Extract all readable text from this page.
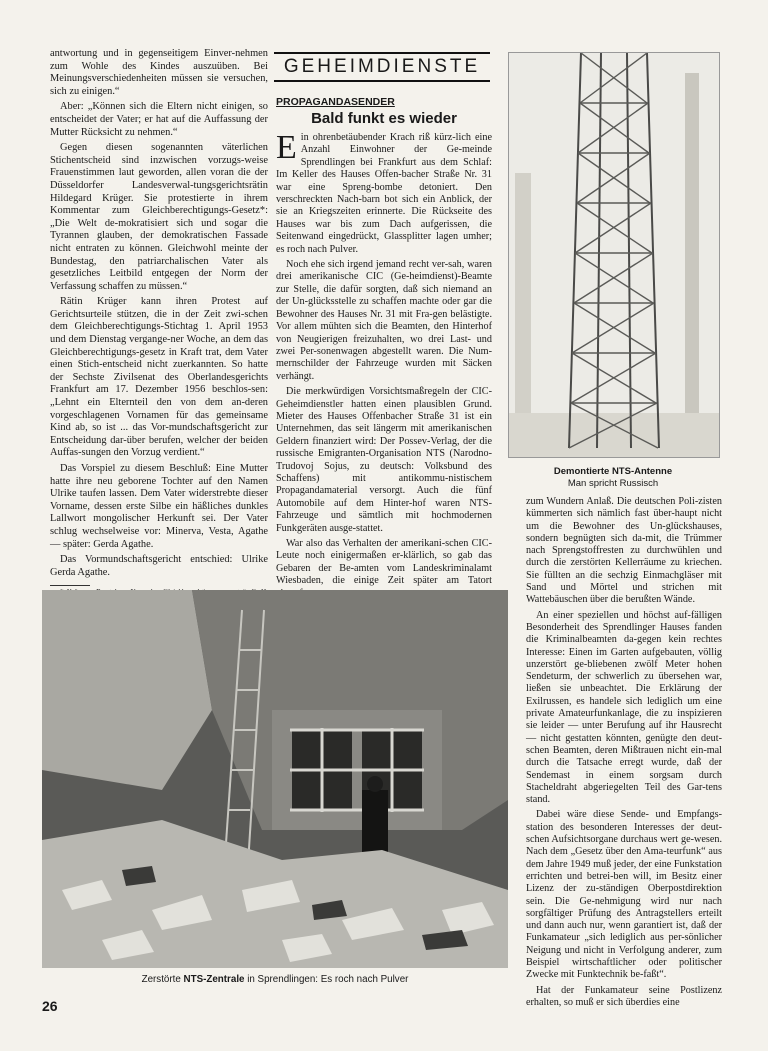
antwortung und in gegenseitigem Einver-nehmen zum Wohle des Kindes auszuüben. Bei Meinungsverschiedenheiten müssen sie versuchen, sich zu einigen.“

Aber: „Können sich die Eltern nicht einigen, so entscheidet der Vater; er hat auf die Auffassung der Mutter Rücksicht zu nehmen.“

Gegen diesen sogenannten väterlichen Stichentscheid sind inzwischen vorzugs-weise Frauenstimmen laut geworden, allen voran die der Düsseldorfer Landesverwal-tungsgerichtsrätin Hildegard Krüger. Sie protestierte in ihrem Kommentar zum Gleichberechtigungs-Gesetz*: „Die Welt de-mokratisiert sich und sogar die Tyrannen glauben, der demokratischen Fassade nicht entraten zu können. Gleichwohl meinte der Bundestag, den patriarchalischen Vater als gesetzliches Leitbild entgegen der Norm der Verfassung schaffen zu müssen.“

Rätin Krüger kann ihren Protest auf Gerichtsurteile stützen, die in der Zeit zwi-schen dem Gleichberechtigungs-Stichtag 1. April 1953 und dem Dienstag vergange-ner Woche, an dem das Gleichberechtigungs-gesetz in Kraft trat, dem Vater einen Stich-entscheid nicht zuerkannten. So hatte der Sechste Zivilsenat des Oberlandesgerichts Frankfurt am 17. Dezember 1956 beschlos-sen: „Lehnt ein Elternteil den von dem an-deren vorgeschlagenen Vornamen für das gemeinsame Kind ab, so ist ... das Vor-mundschaftsgericht zur Entscheidung dar-über berufen, welcher der beiden Auffas-sungen den Vorzug verdient.“

Das Vorspiel zu diesem Beschluß: Eine Mutter hatte ihre neu geborene Tochter auf den Namen Ulrike taufen lassen. Dem Vater widerstrebte dieser Vorname, dessen erste Silbe ein häßliches dunkles Lallwort mongolischer Herkunft sei. Der Vater schlug wechselweise vor: Minerva, Vesta, Agathe — später: Gerda Agathe.

Das Vormundschaftsgericht entschied: Ulrike Gerda Agathe.

GEHEIMDIENSTE
PROPAGANDASENDER
Bald funkt es wieder

Ein ohrenbetäubender Krach riß kürz-lich eine Anzahl Einwohner der Ge-meinde Sprendlingen bei Frankfurt aus dem Schlaf: Im Keller des Hauses Offen-bacher Straße Nr. 31 war eine Spreng-bombe detoniert. Den verschreckten Nach-barn bot sich ein Anblick, der sie an Kriegszeiten erinnerte. Die Rückseite des Hauses war bis zum Dach aufgerissen, die Seitenwand eingedrückt, Glassplitter lagen umher; es roch nach Pulver.

Noch ehe sich irgend jemand recht ver-sah, waren drei amerikanische CIC (Ge-heimdienst)-Beamte zur Stelle, die dafür sorgten, daß sich niemand an der Un-glücksstelle zu schaffen machte oder gar die Bewohner des Hauses Nr. 31 mit Fra-gen belästigte. Vor allem mühten sich die Beamten, den Hinterhof von Neugierigen freizuhalten, wo drei Last- und zwei Per-sonenwagen abgestellt waren. Die Num-mernschilder der Fahrzeuge wurden mit Säcken verhängt.

Die merkwürdigen Vorsichtsmaßregeln der CIC-Geheimdienstler hatten einen plausiblen Grund. Mieter des Hauses Offenbacher Straße 31 ist ein Unternehmen, das seit längerm mit amerikanischen Geldern finanziert wird: Der Possev-Verlag, der die russische Emigranten-Organisation NTS (Narodno-Trudovoj Sojus, zu deutsch: Volksbund des Schaffens) mit antikommu-nistischem Propagandamaterial versorgt. Auch die fünf Automobile auf dem Hinter-hof waren NTS-Fahrzeuge und sämtlich mit hochmodernen Funkgeräten ausge-stattet.

War also das Verhalten der amerikani-schen CIC-Leute noch einigermaßen er-klärlich, so gab das Gebaren der Be-amten vom Landeskriminalamt Wiesbaden, die einige Zeit später am Tatort

Demontierte NTS-Antenne
Man spricht Russisch

zum Wundern Anlaß. Die deutschen Poli-zisten kümmerten sich nämlich fast über-haupt nicht um die Bewohner des Un-glückshauses, sondern begnügten sich da-mit, die Trümmer nach Sprengstoffresten zu durchwühlen und durch die zerstörten Kellerräume zu kriechen. Sie füllten an die sechzig Einmachgläser mit Sand und Mörtel und strichen mit Wattebäuschen über die berußten Wände.

An einer speziellen und höchst auf-fälligen Besonderheit des Sprendlinger Hauses fanden die Kriminalbeamten da-gegen kein rechtes Interesse: Einen im Garten aufgebauten, völlig unzerstört ge-bliebenen zwölf Meter hohen Sendeturm, der schwerlich zu übersehen war, ließen sie unbeachtet. Die Erklärung der Exilrussen, es handele sich lediglich um eine private Amateurfunkanlage, die zu inspizieren sie leider — unter Berufung auf ihr Hausrecht — nicht gestatten könnten, genügte den deut-schen Beamten, deren Mißtrauen nicht ein-mal durch die Tatsache erregt wurde, daß der Sendemast in einem sorgsam durch Stacheldraht abgeriegelten Teil des Gar-tens stand.

Dabei wäre diese Sende- und Empfangs-station des besonderen Interesses der deut-schen Aufsichtsorgane durchaus wert ge-wesen. Nach dem „Gesetz über den Ama-teurfunk“ aus dem Jahre 1949 muß jeder, der eine Funkstation errichten und betrei-ben will, im Besitz einer Lizenz der zu-ständigen Oberpostdirektion sein. Die Ge-nehmigung wird nur nach sorgfältiger Prüfung des Antragstellers erteilt und dann auch nur, wenn garantiert ist, daß der Funkamateur „sich lediglich aus per-sönlicher Neigung und nicht in Verfolgung anderer, zum Beispiel wirtschaftlicher oder politischer Zwecke mit Funktechnik be-faßt“.

Hat der Funkamateur seine Postlizenz erhalten, so muß er sich überdies eine

Zerstörte NTS-Zentrale in Sprendlingen: Es roch nach Pulver
26
